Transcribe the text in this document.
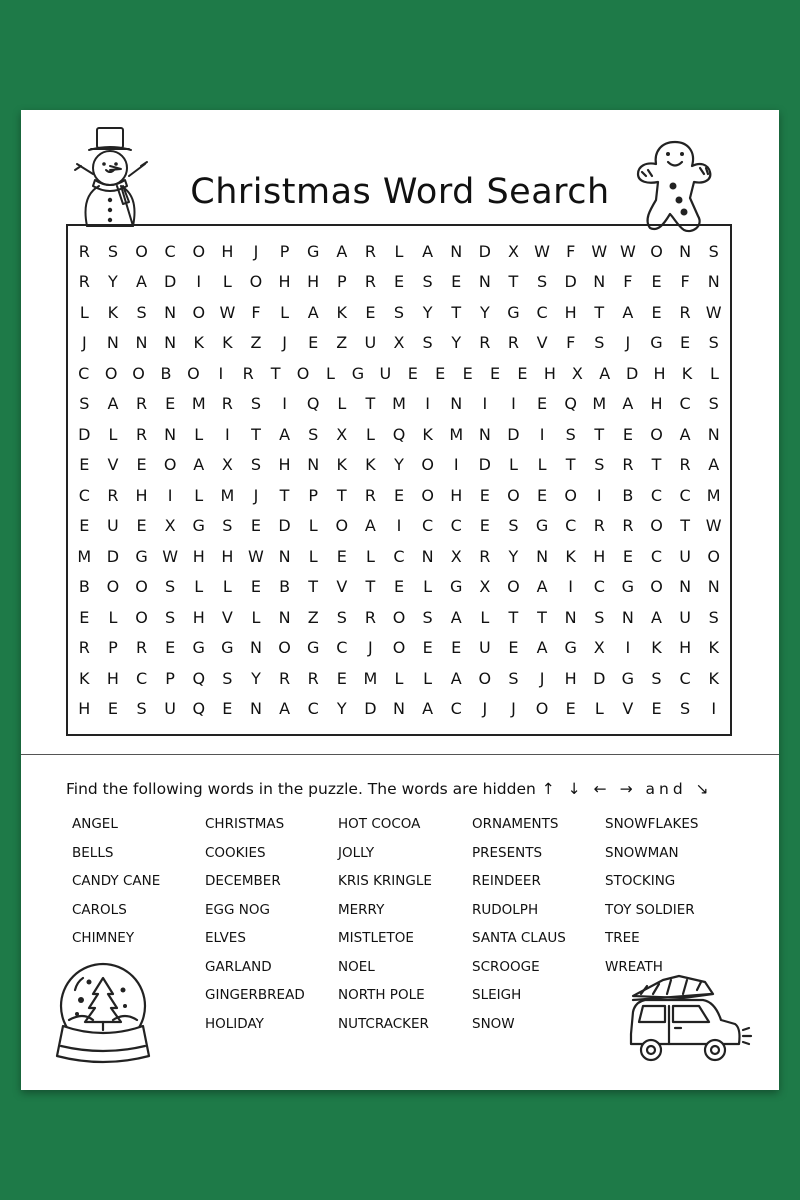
Christmas Word Search
R	S	O	C	O	H	J	P	G	A	R	L	A	N	D	X W	F	W W O	N	S
R	Y	A	D	I	L	O	H	H	P	R	E	S	E	N	T	S	D	N	F	E	F	N
L	K	S	N	O W	F	L	A	K	E	S	Y	T	Y	G	C	H	T	A	E	R W
J	N	N	N	K	K	Z	J	E	Z	U	X	S	Y	R	R	V	F	S	J	G	E	S
C O O B O	I	R	T	O	L	G U	E	E	E	E	E	H X	A D H	K	L
S	A	R	E	M	R	S	I	Q	L	T	M	I	N	I	I	E	Q M	A	H	C	S
D	L	R	N	L	I	T	A	S	X	L	Q	K	M N	D	I	S	T	E	O	A	N
E	V	E	O	A	X	S	H	N	K	K	Y	O	I	D	L	L	T	S	R	T	R	A
C	R	H	I	L	M	J	T	P	T	R	E	O	H	E	O	E	O	I	B	C	C	M
E	U	E	X	G	S	E	D	L	O	A	I	C	C	E	S	G	C	R	R	O	T W
M D	G W H	H W N	L	E	L	C	N	X	R	Y	N	K	H	E	C	U	O
B	O	O	S	L	L	E	B	T	V	T	E	L	G	X	O	A	I	C	G	O	N	N
E	L	O	S	H	V	L	N	Z	S	R	O	S	A	L	T	T	N	S	N	A	U	S
R	P	R	E	G	G	N	O	G	C	J	O	E	E	U	E	A	G	X	I	K	H	K
K	H	C	P	Q	S	Y	R	R	E	M	L	L	A	O	S	J	H	D	G	S	C	K
H	E	S	U	Q	E	N	A	C	Y	D	N	A	C	J	J	O	E	L	V	E	S	I
Find the following words in the puzzle. The words are hidden ↑ ↓ ← → and ↘
ANGEL
BELLS
CANDY CANE
CAROLS
CHIMNEY
CHRISTMAS
COOKIES
DECEMBER
EGG NOG
ELVES
GARLAND
GINGERBREAD
HOLIDAY
HOT COCOA
JOLLY
KRIS KRINGLE
MERRY
MISTLETOE
NOEL
NORTH POLE
NUTCRACKER
ORNAMENTS
PRESENTS
REINDEER
RUDOLPH
SANTA CLAUS
SCROOGE
SLEIGH
SNOW
SNOWFLAKES
SNOWMAN
STOCKING
TOY SOLDIER
TREE
WREATH
